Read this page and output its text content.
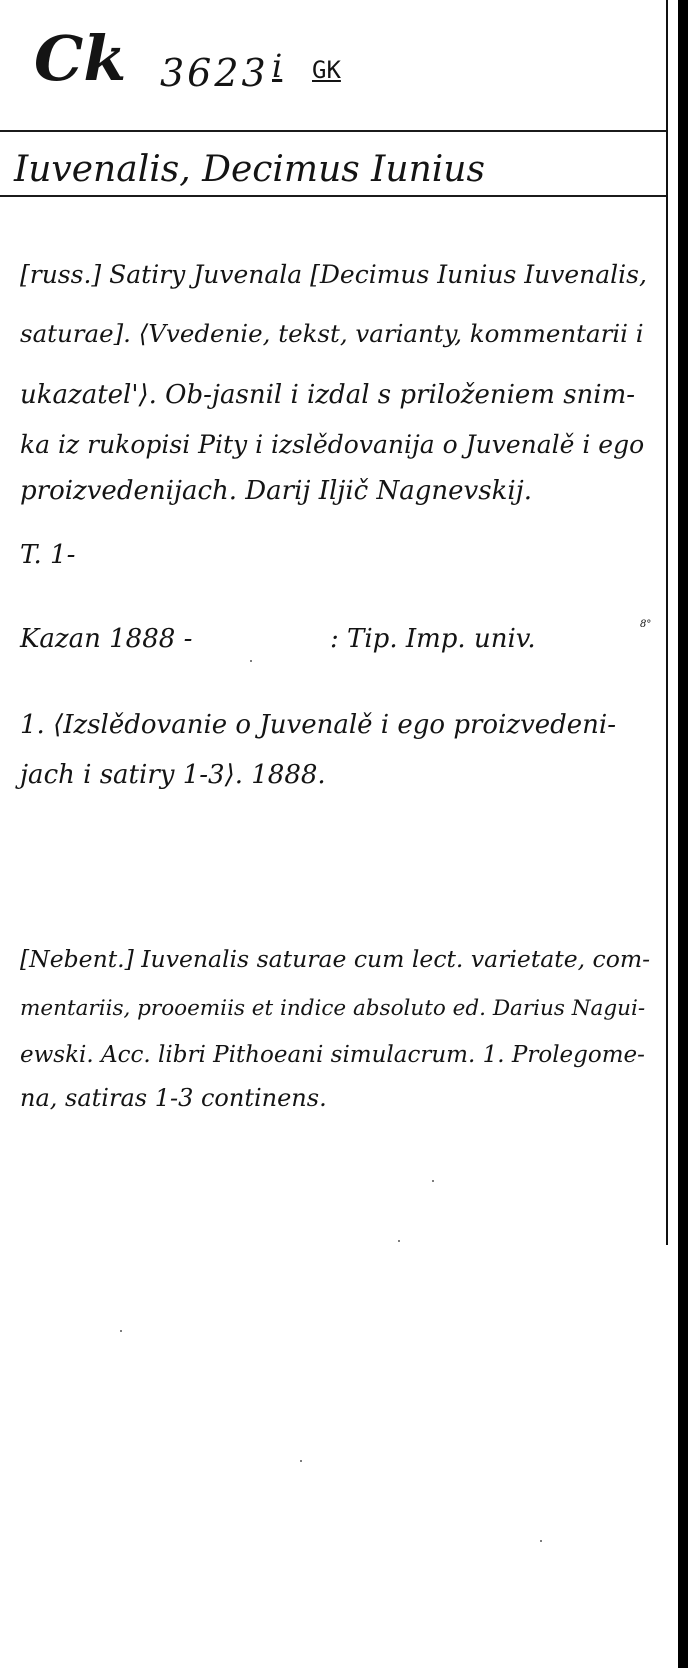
Ck 3623 i GK
Iuvenalis, Decimus Iunius
[russ.] Satiry Juvenala [Decimus Iunius Iuvenalis,
saturae]. ⟨Vvedenie, tekst, varianty, kommentarii i
ukazatel'⟩. Ob-jasnil i izdal s priloženiem snim-
ka iz rukopisi Pity i izslědovanija o Juvenalě i ego
proizvedenijach. Darij Iljič Nagnevskij.
T. 1-
Kazan 1888 -	: Tip. Imp. univ.	8°
1. ⟨Izslědovanie o Juvenalě i ego proizvedeni-
jach i satiry 1-3⟩. 1888.
[Nebent.] Iuvenalis saturae cum lect. varietate, com-
mentariis, prooemiis et indice absoluto ed. Darius Nagui-
ewski. Acc. libri Pithoeani simulacrum. 1. Prolegome-
na, satiras 1-3 continens.
